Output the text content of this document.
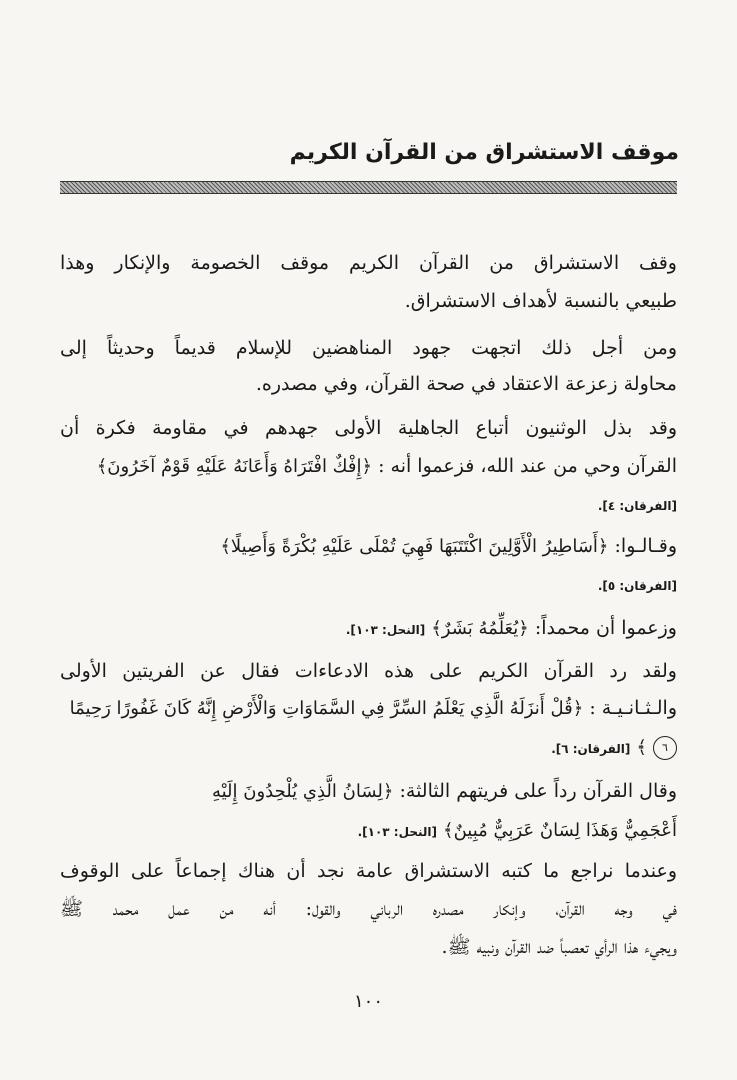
موقف الاستشراق من القرآن الكريم
وقف الاستشراق من القرآن الكريم موقف الخصومة والإنكار وهذا
طبيعي بالنسبة لأهداف الاستشراق.
ومن أجل ذلك اتجهت جهود المناهضين للإسلام قديماً وحديثاً إلى
محاولة زعزعة الاعتقاد في صحة القرآن، وفي مصدره.
وقد بذل الوثنيون أتباع الجاهلية الأولى جهدهم في مقاومة فكرة أن
القرآن وحي من عند الله، فزعموا أنه : ﴿إِفْكٌ افْتَرَاهُ وَأَعَانَهُ عَلَيْهِ قَوْمٌ آخَرُونَ﴾
[الفرقان: ٤].
وقـالـوا: ﴿أَسَاطِيرُ الْأَوَّلِينَ اكْتَتَبَهَا فَهِيَ تُمْلَى عَلَيْهِ بُكْرَةً وَأَصِيلًا﴾
[الفرقان: ٥].
وزعموا أن محمداً: ﴿يُعَلِّمُهُ بَشَرٌ﴾ [النحل: ١٠٣].
ولقد رد القرآن الكريم على هذه الادعاءات فقال عن الفريتين الأولى
والـثـانـيـة : ﴿قُلْ أَنزَلَهُ الَّذِي يَعْلَمُ السِّرَّ فِي السَّمَاوَاتِ وَالْأَرْضِ إِنَّهُ كَانَ غَفُورًا رَحِيمًا
٦ ﴾ [الفرقان: ٦].
وقال القرآن رداً على فريتهم الثالثة: ﴿لِسَانُ الَّذِي يُلْحِدُونَ إِلَيْهِ
أَعْجَمِيٌّ وَهَذَا لِسَانٌ عَرَبِيٌّ مُبِينٌ﴾ [النحل: ١٠٣].
وعندما نراجع ما كتبه الاستشراق عامة نجد أن هناك إجماعاً على الوقوف
في وجه القرآن، وإنكار مصدره الرباني والقول: أنه من عمل محمد ﷺ
ويجيء هذا الرأي تعصباً ضد القرآن ونبيه ﷺ.
١٠٠
